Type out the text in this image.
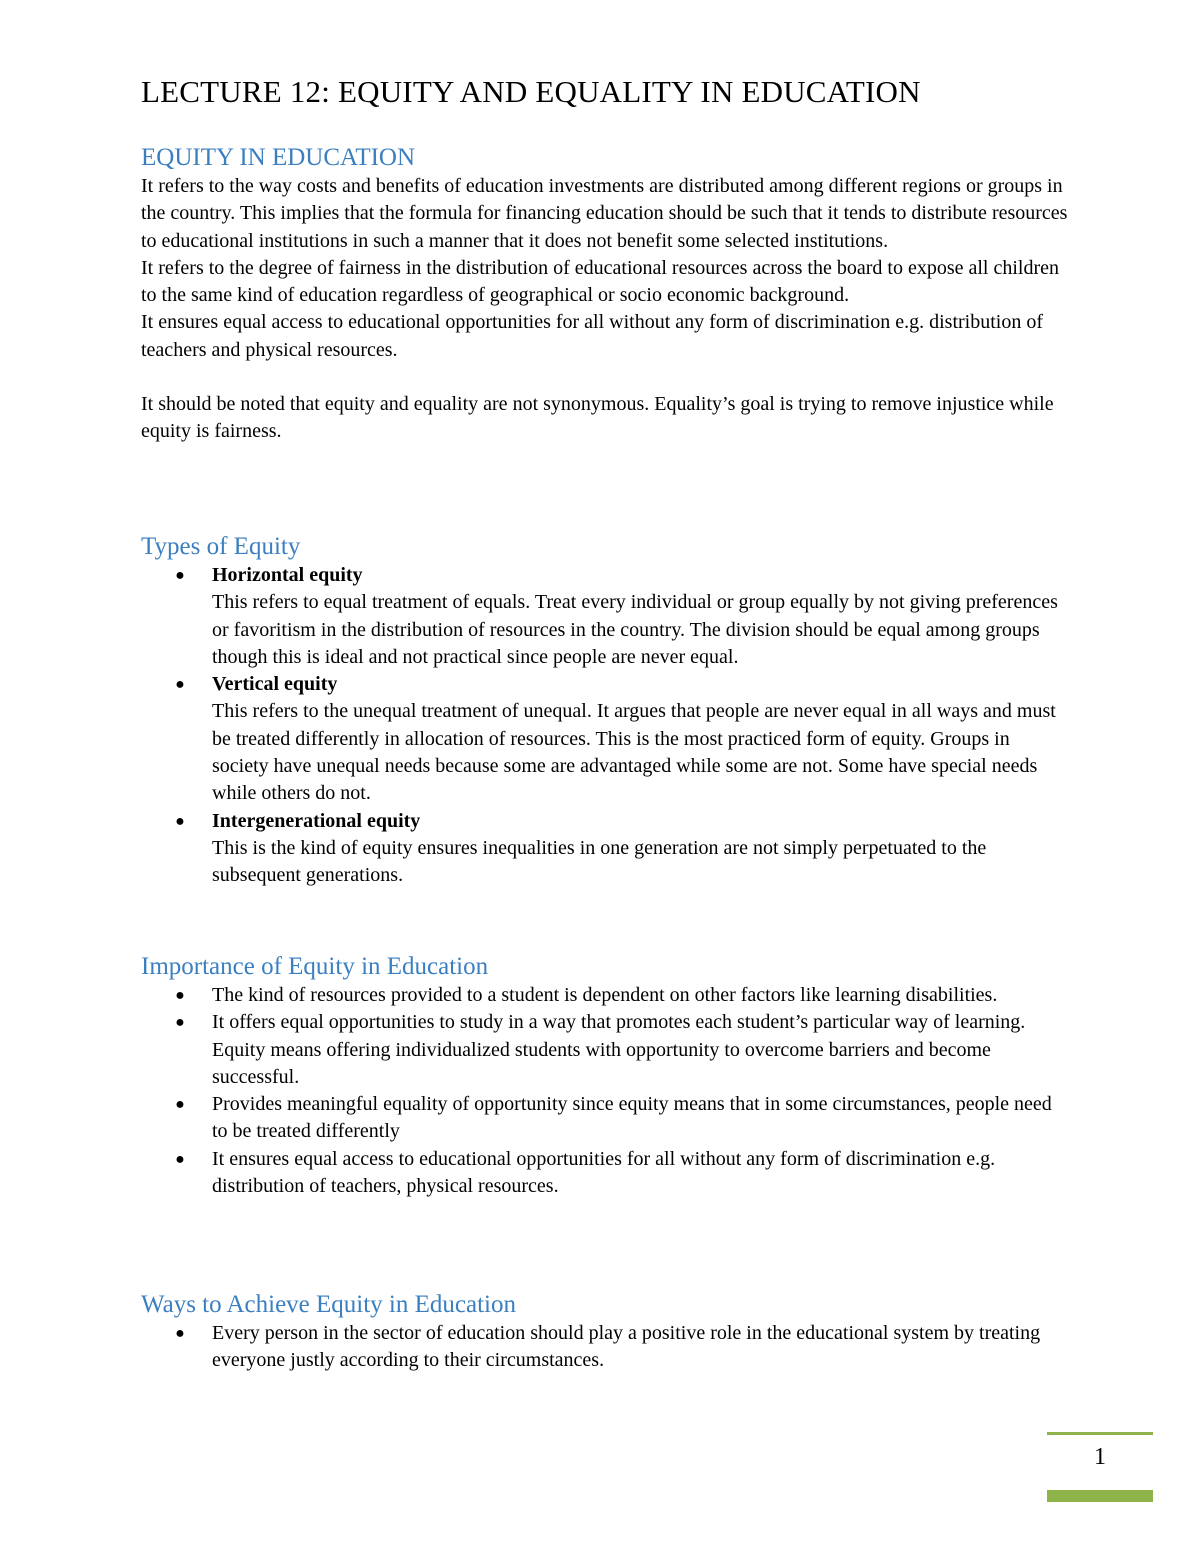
LECTURE 12: EQUITY AND EQUALITY IN EDUCATION
EQUITY IN EDUCATION

It refers to the way costs and benefits of education investments are distributed among different regions or groups in the country. This implies that the formula for financing education should be such that it tends to distribute resources to educational institutions in such a manner that it does not benefit some selected institutions.

It refers to the degree of fairness in the distribution of educational resources across the board to expose all children to the same kind of education regardless of geographical or socio economic background.

It ensures equal access to educational opportunities for all without any form of discrimination e.g. distribution of teachers and physical resources.

It should be noted that equity and equality are not synonymous. Equality’s goal is trying to remove injustice while equity is fairness.

Types of Equity
● Horizontal equity
This refers to equal treatment of equals. Treat every individual or group equally by not giving preferences or favoritism in the distribution of resources in the country. The division should be equal among groups though this is ideal and not practical since people are never equal.
● Vertical equity
This refers to the unequal treatment of unequal. It argues that people are never equal in all ways and must be treated differently in allocation of resources. This is the most practiced form of equity. Groups in society have unequal needs because some are advantaged while some are not. Some have special needs while others do not.
● Intergenerational equity
This is the kind of equity ensures inequalities in one generation are not simply perpetuated to the subsequent generations.
Importance of Equity in Education
● The kind of resources provided to a student is dependent on other factors like learning disabilities.
● It offers equal opportunities to study in a way that promotes each student’s particular way of learning. Equity means offering individualized students with opportunity to overcome barriers and become successful.
● Provides meaningful equality of opportunity since equity means that in some circumstances, people need to be treated differently
● It ensures equal access to educational opportunities for all without any form of discrimination e.g. distribution of teachers, physical resources.
Ways to Achieve Equity in Education
● Every person in the sector of education should play a positive role in the educational system by treating everyone justly according to their circumstances.
1
